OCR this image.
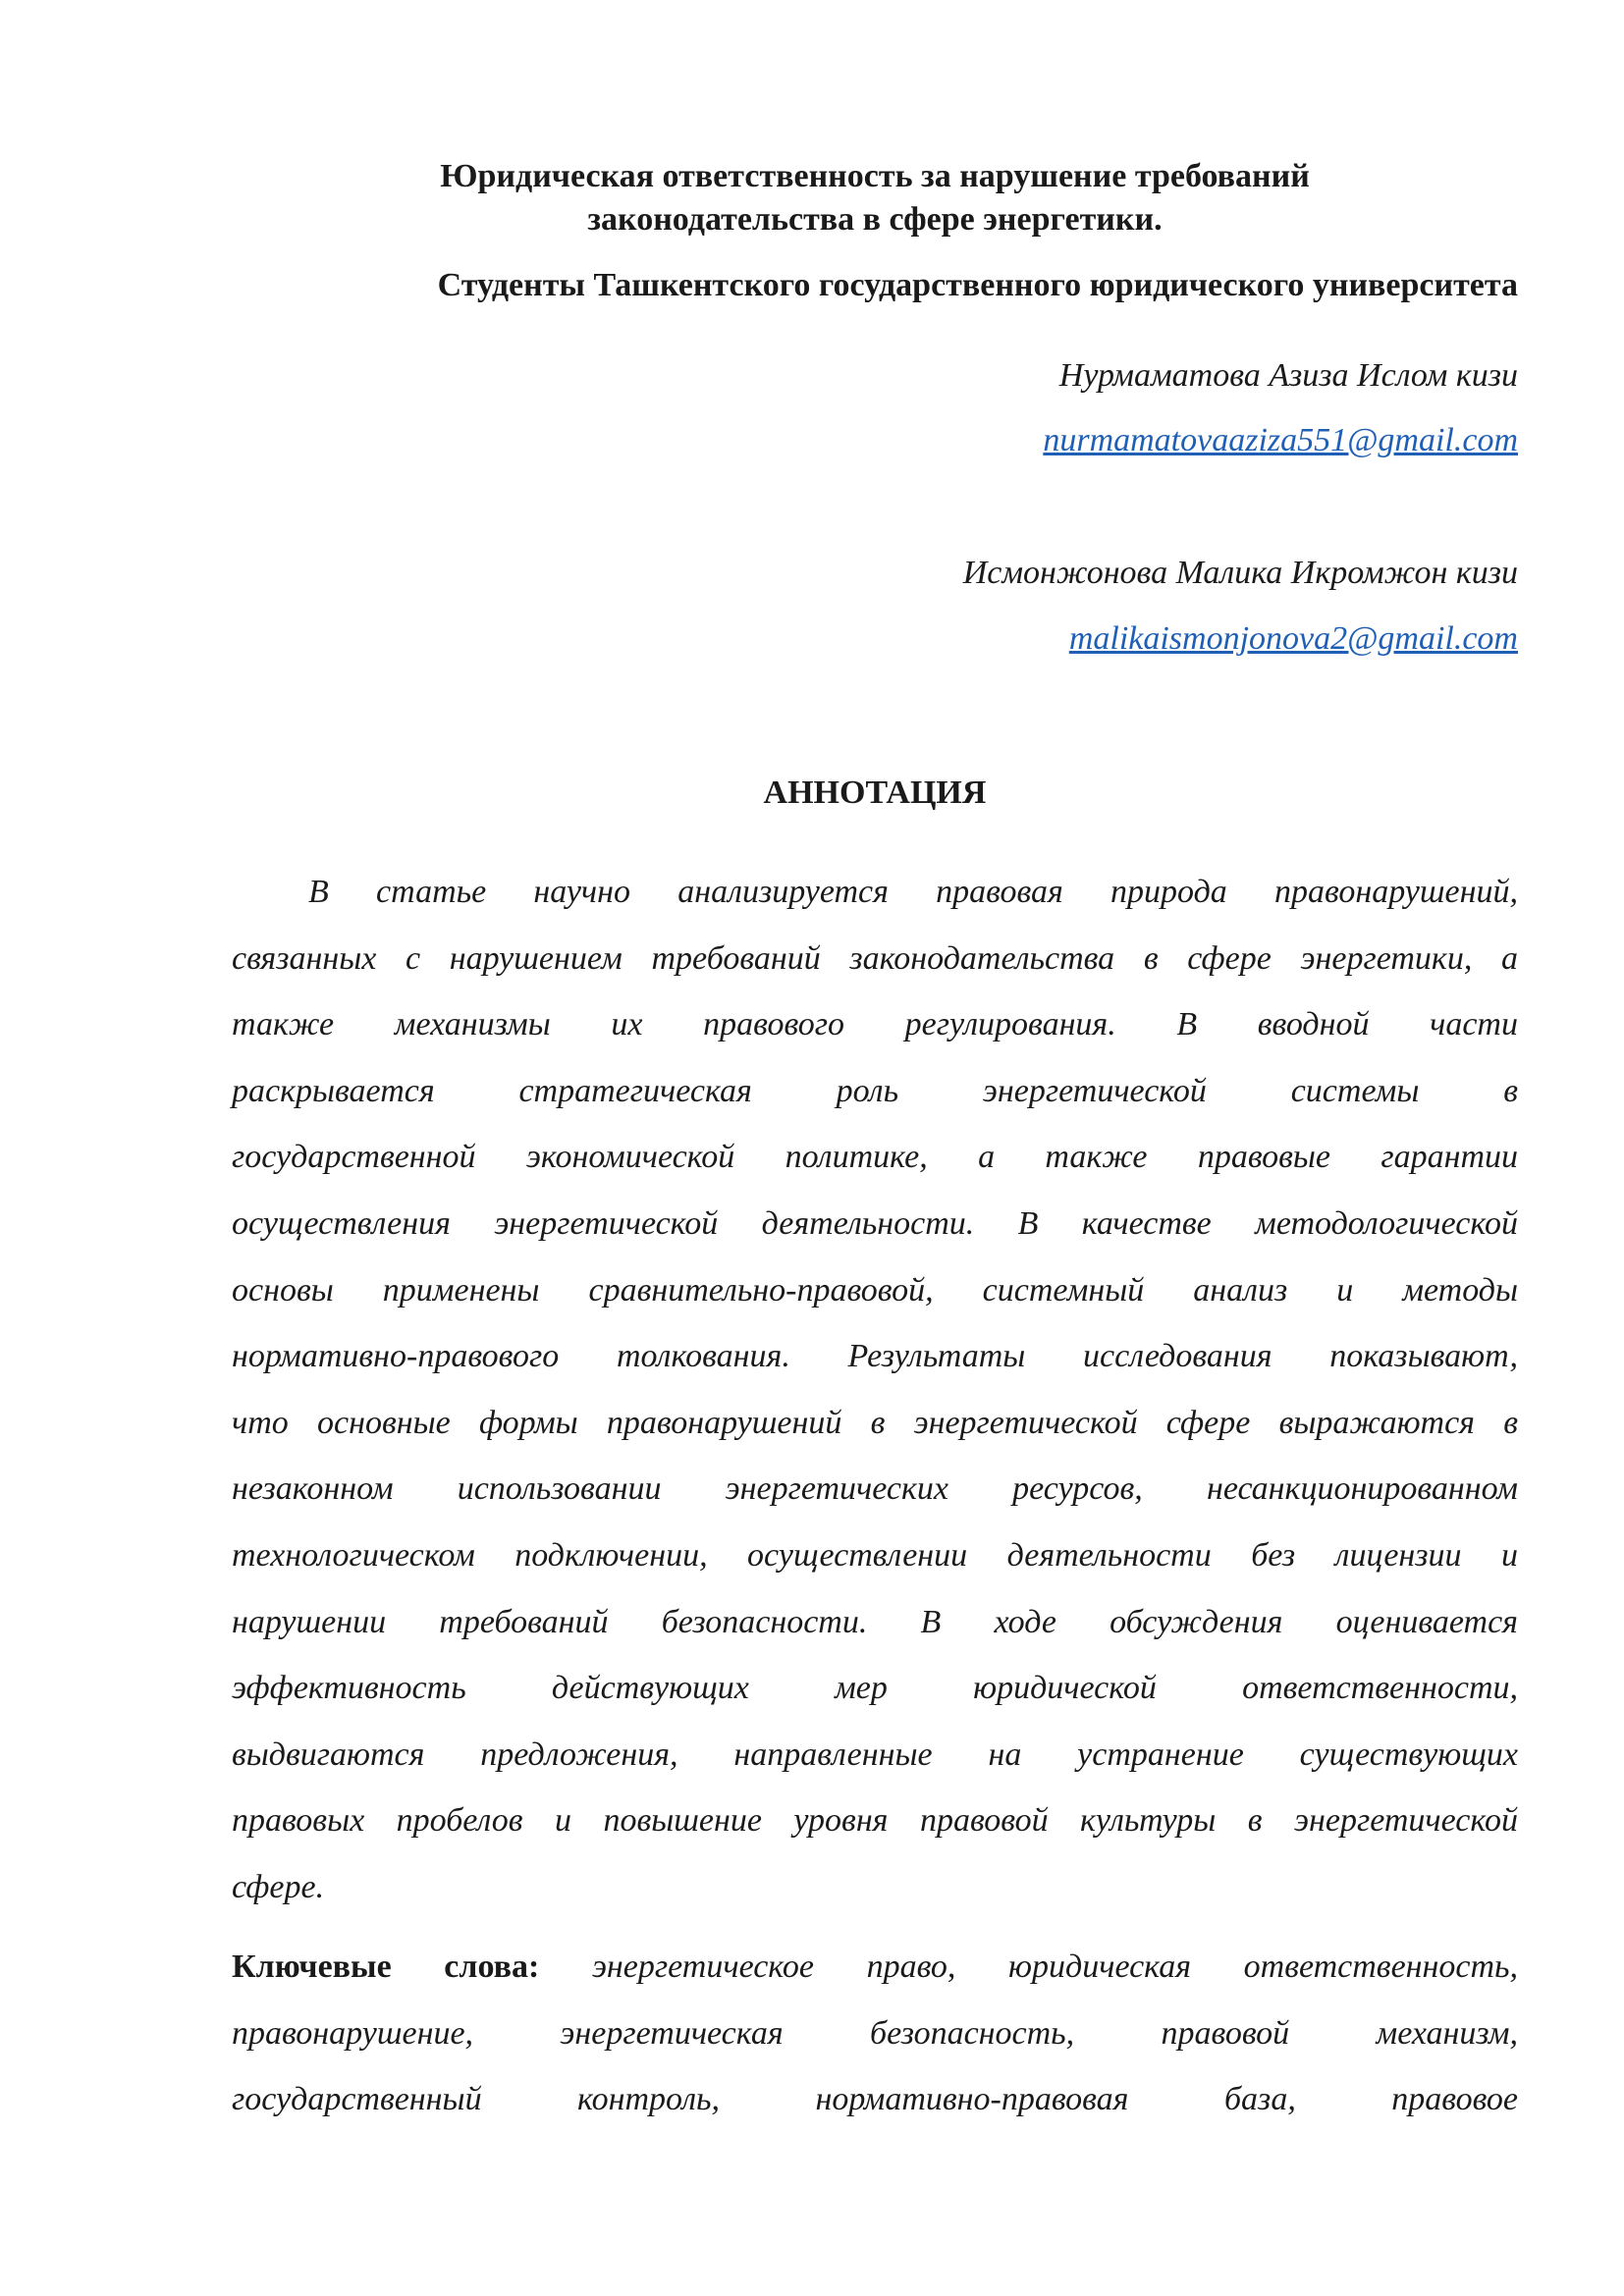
Юридическая ответственность за нарушение требований
законодательства в сфере энергетики.
Студенты Ташкентского государственного юридического университета
Нурмаматова Азиза Ислом кизи
nurmamatovaaziza551@gmail.com
Исмонжонова Малика Икромжон кизи
malikaismonjonova2@gmail.com
АННОТАЦИЯ
В статье научно анализируется правовая природа правонарушений,
связанных с нарушением требований законодательства в сфере энергетики, а
также механизмы их правового регулирования. В вводной части
раскрывается стратегическая роль энергетической системы в
государственной экономической политике, а также правовые гарантии
осуществления энергетической деятельности. В качестве методологической
основы применены сравнительно-правовой, системный анализ и методы
нормативно-правового толкования. Результаты исследования показывают,
что основные формы правонарушений в энергетической сфере выражаются в
незаконном использовании энергетических ресурсов, несанкционированном
технологическом подключении, осуществлении деятельности без лицензии и
нарушении требований безопасности. В ходе обсуждения оценивается
эффективность действующих мер юридической ответственности,
выдвигаются предложения, направленные на устранение существующих
правовых пробелов и повышение уровня правовой культуры в энергетической
сфере.
Ключевые слова: энергетическое право, юридическая ответственность,
правонарушение, энергетическая безопасность, правовой механизм,
государственный контроль, нормативно-правовая база, правовое
